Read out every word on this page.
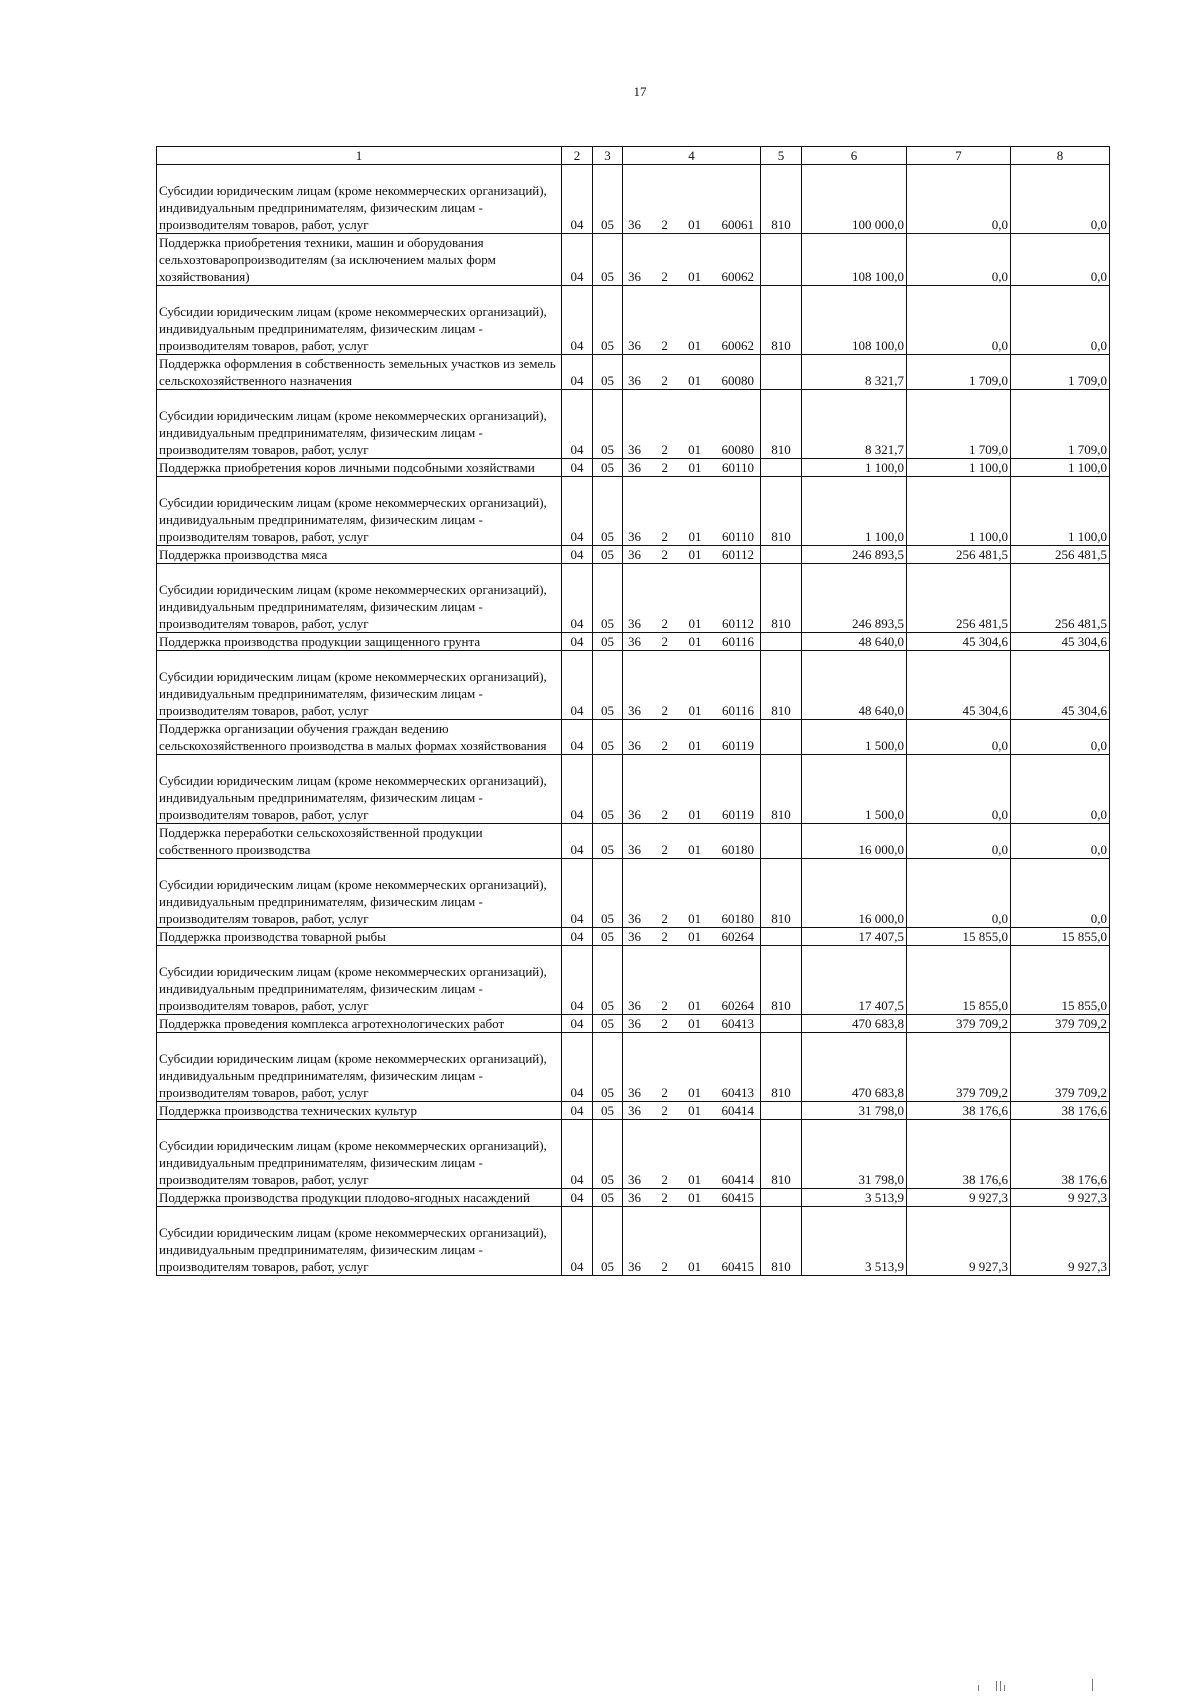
17
1	2	3	4	5	6	7	8
Субсидии юридическим лицам (кроме некоммерческих организаций), индивидуальным предпринимателям, физическим лицам - производителям товаров, работ, услуг	04	05	36 2 01 60061	810	100 000,0	0,0	0,0
Поддержка приобретения техники, машин и оборудования сельхозтоваропроизводителям (за исключением малых форм хозяйствования)	04	05	36 2 01 60062		108 100,0	0,0	0,0
Субсидии юридическим лицам (кроме некоммерческих организаций), индивидуальным предпринимателям, физическим лицам - производителям товаров, работ, услуг	04	05	36 2 01 60062	810	108 100,0	0,0	0,0
Поддержка оформления в собственность земельных участков из земель сельскохозяйственного назначения	04	05	36 2 01 60080		8 321,7	1 709,0	1 709,0
Субсидии юридическим лицам (кроме некоммерческих организаций), индивидуальным предпринимателям, физическим лицам - производителям товаров, работ, услуг	04	05	36 2 01 60080	810	8 321,7	1 709,0	1 709,0
Поддержка приобретения коров личными подсобными хозяйствами	04	05	36 2 01 60110		1 100,0	1 100,0	1 100,0
Субсидии юридическим лицам (кроме некоммерческих организаций), индивидуальным предпринимателям, физическим лицам - производителям товаров, работ, услуг	04	05	36 2 01 60110	810	1 100,0	1 100,0	1 100,0
Поддержка производства мяса	04	05	36 2 01 60112		246 893,5	256 481,5	256 481,5
Субсидии юридическим лицам (кроме некоммерческих организаций), индивидуальным предпринимателям, физическим лицам - производителям товаров, работ, услуг	04	05	36 2 01 60112	810	246 893,5	256 481,5	256 481,5
Поддержка производства продукции защищенного грунта	04	05	36 2 01 60116		48 640,0	45 304,6	45 304,6
Субсидии юридическим лицам (кроме некоммерческих организаций), индивидуальным предпринимателям, физическим лицам - производителям товаров, работ, услуг	04	05	36 2 01 60116	810	48 640,0	45 304,6	45 304,6
Поддержка организации обучения граждан ведению сельскохозяйственного производства в малых формах хозяйствования	04	05	36 2 01 60119		1 500,0	0,0	0,0
Субсидии юридическим лицам (кроме некоммерческих организаций), индивидуальным предпринимателям, физическим лицам - производителям товаров, работ, услуг	04	05	36 2 01 60119	810	1 500,0	0,0	0,0
Поддержка переработки сельскохозяйственной продукции собственного производства	04	05	36 2 01 60180		16 000,0	0,0	0,0
Субсидии юридическим лицам (кроме некоммерческих организаций), индивидуальным предпринимателям, физическим лицам - производителям товаров, работ, услуг	04	05	36 2 01 60180	810	16 000,0	0,0	0,0
Поддержка производства товарной рыбы	04	05	36 2 01 60264		17 407,5	15 855,0	15 855,0
Субсидии юридическим лицам (кроме некоммерческих организаций), индивидуальным предпринимателям, физическим лицам - производителям товаров, работ, услуг	04	05	36 2 01 60264	810	17 407,5	15 855,0	15 855,0
Поддержка проведения комплекса агротехнологических работ	04	05	36 2 01 60413		470 683,8	379 709,2	379 709,2
Субсидии юридическим лицам (кроме некоммерческих организаций), индивидуальным предпринимателям, физическим лицам - производителям товаров, работ, услуг	04	05	36 2 01 60413	810	470 683,8	379 709,2	379 709,2
Поддержка производства технических культур	04	05	36 2 01 60414		31 798,0	38 176,6	38 176,6
Субсидии юридическим лицам (кроме некоммерческих организаций), индивидуальным предпринимателям, физическим лицам - производителям товаров, работ, услуг	04	05	36 2 01 60414	810	31 798,0	38 176,6	38 176,6
Поддержка производства продукции плодово-ягодных насаждений	04	05	36 2 01 60415		3 513,9	9 927,3	9 927,3
Субсидии юридическим лицам (кроме некоммерческих организаций), индивидуальным предпринимателям, физическим лицам - производителям товаров, работ, услуг	04	05	36 2 01 60415	810	3 513,9	9 927,3	9 927,3
